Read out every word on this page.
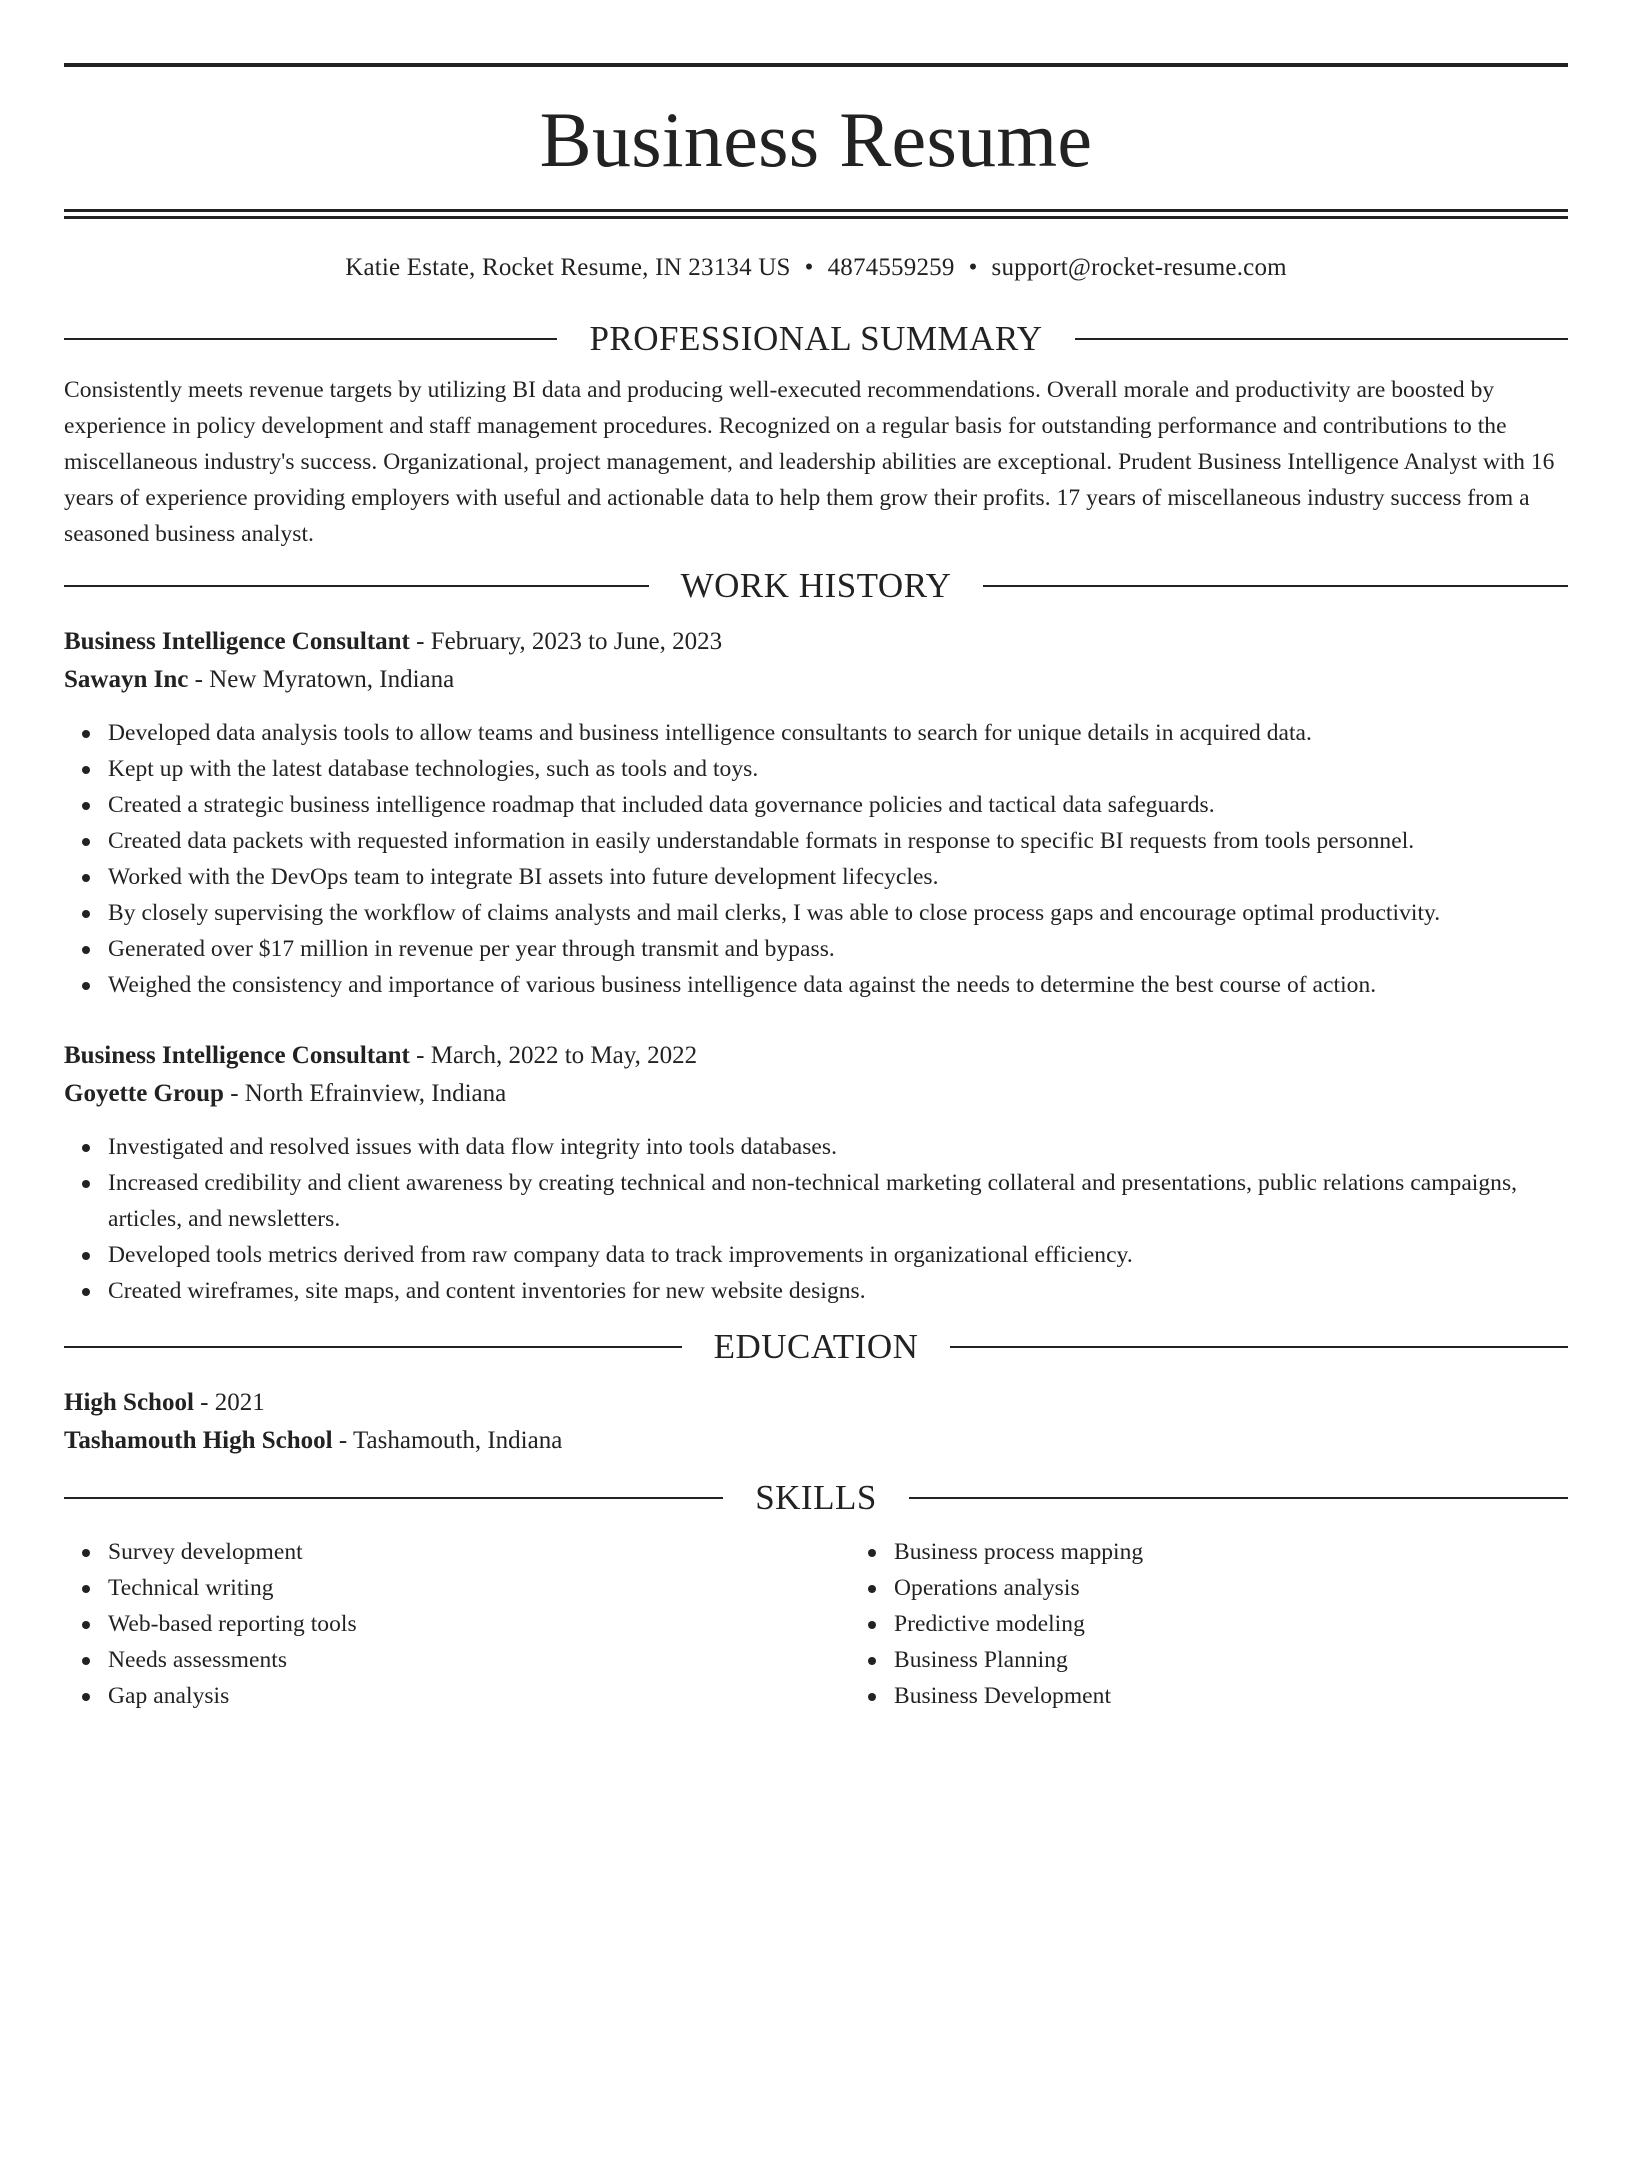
Business Resume
Katie Estate, Rocket Resume, IN 23134 US • 4874559259 • support@rocket-resume.com
PROFESSIONAL SUMMARY

Consistently meets revenue targets by utilizing BI data and producing well-executed recommendations. Overall morale and productivity are boosted by experience in policy development and staff management procedures. Recognized on a regular basis for outstanding performance and contributions to the miscellaneous industry's success. Organizational, project management, and leadership abilities are exceptional. Prudent Business Intelligence Analyst with 16 years of experience providing employers with useful and actionable data to help them grow their profits. 17 years of miscellaneous industry success from a seasoned business analyst.

WORK HISTORY

Business Intelligence Consultant - February, 2023 to June, 2023

Sawayn Inc - New Myratown, Indiana

Developed data analysis tools to allow teams and business intelligence consultants to search for unique details in acquired data.
Kept up with the latest database technologies, such as tools and toys.
Created a strategic business intelligence roadmap that included data governance policies and tactical data safeguards.
Created data packets with requested information in easily understandable formats in response to specific BI requests from tools personnel.
Worked with the DevOps team to integrate BI assets into future development lifecycles.
By closely supervising the workflow of claims analysts and mail clerks, I was able to close process gaps and encourage optimal productivity.
Generated over $17 million in revenue per year through transmit and bypass.
Weighed the consistency and importance of various business intelligence data against the needs to determine the best course of action.

Business Intelligence Consultant - March, 2022 to May, 2022

Goyette Group - North Efrainview, Indiana

Investigated and resolved issues with data flow integrity into tools databases.
Increased credibility and client awareness by creating technical and non-technical marketing collateral and presentations, public relations campaigns, articles, and newsletters.
Developed tools metrics derived from raw company data to track improvements in organizational efficiency.
Created wireframes, site maps, and content inventories for new website designs.
EDUCATION

High School - 2021

Tashamouth High School - Tashamouth, Indiana

SKILLS
Survey development
Technical writing
Web-based reporting tools
Needs assessments
Gap analysis
Business process mapping
Operations analysis
Predictive modeling
Business Planning
Business Development
